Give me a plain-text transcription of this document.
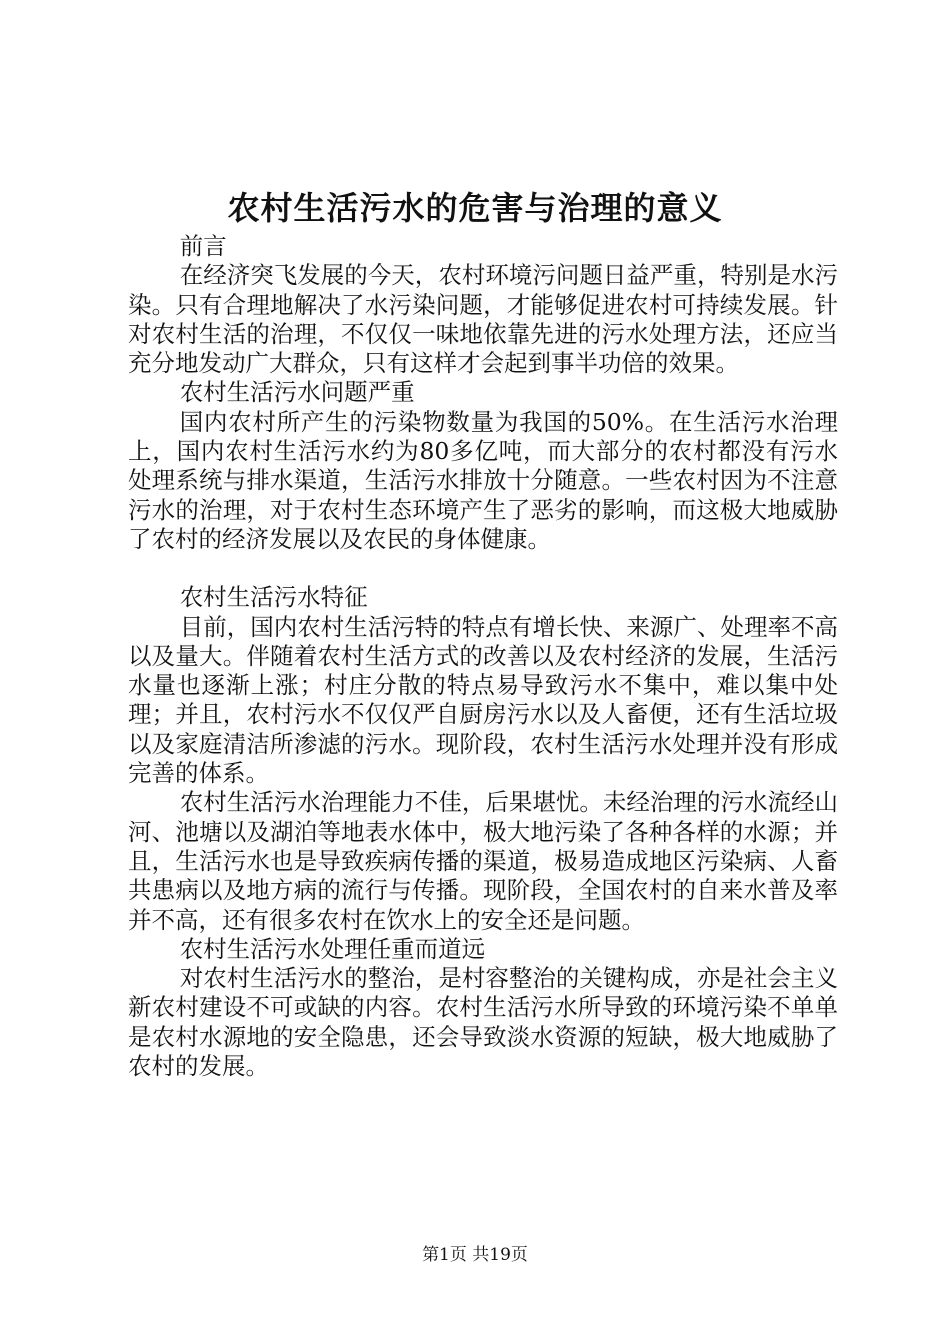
农村生活污水的危害与治理的意义
前言

在经济突飞发展的今天，农村环境污问题日益严重，特别是水污染。只有合理地解决了水污染问题，才能够促进农村可持续发展。针对农村生活的治理，不仅仅一味地依靠先进的污水处理方法，还应当充分地发动广大群众，只有这样才会起到事半功倍的效果。

农村生活污水问题严重

国内农村所产生的污染物数量为我国的50%。在生活污水治理上，国内农村生活污水约为80多亿吨，而大部分的农村都没有污水处理系统与排水渠道，生活污水排放十分随意。一些农村因为不注意污水的治理，对于农村生态环境产生了恶劣的影响，而这极大地威胁了农村的经济发展以及农民的身体健康。

农村生活污水特征

目前，国内农村生活污特的特点有增长快、来源广、处理率不高以及量大。伴随着农村生活方式的改善以及农村经济的发展，生活污水量也逐渐上涨；村庄分散的特点易导致污水不集中，难以集中处理；并且，农村污水不仅仅严自厨房污水以及人畜便，还有生活垃圾以及家庭清洁所渗滤的污水。现阶段，农村生活污水处理并没有形成完善的体系。

农村生活污水治理能力不佳，后果堪忧。未经治理的污水流经山河、池塘以及湖泊等地表水体中，极大地污染了各种各样的水源；并且，生活污水也是导致疾病传播的渠道，极易造成地区污染病、人畜共患病以及地方病的流行与传播。现阶段，全国农村的自来水普及率并不高，还有很多农村在饮水上的安全还是问题。

农村生活污水处理任重而道远

对农村生活污水的整治，是村容整治的关键构成，亦是社会主义新农村建设不可或缺的内容。农村生活污水所导致的环境污染不单单是农村水源地的安全隐患，还会导致淡水资源的短缺，极大地威胁了农村的发展。

第1页 共19页
